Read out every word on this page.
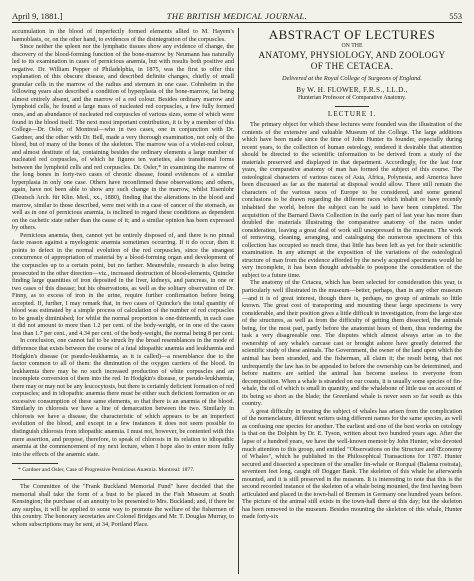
April 9, 1881.]	THE BRITISH MEDICAL JOURNAL.	553

accumulation in the blood of imperfectly formed elements allied to M. Hayem's hæmoblasts, or, on the other hand, to evidences of the disintegration of the corpuscles.

Since neither the spleen nor the lymphatic tissues show any evidence of change, the discovery of the blood-forming function of the bone-marrow by Neumann has naturally led to its examination in cases of pernicious anæmia, but with results both positive and negative. Dr. William Pepper of Philadelphia, in 1875, was the first to offer this explanation of this obscure disease, and described definite changes, chiefly of small granular cells in the marrow of the radius and sternum in one case. Cohnheim in the following years also described a condition of hyperplasia of the bone-marrow, fat being almost entirely absent, and the marrow of a red colour. Besides ordinary marrow and lymphoid cells, he found a large mass of nucleated red corpuscles, a few fully formed ones, and an abundance of nucleated red corpuscles of various sizes, some of which were found in the blood itself. The next most important contribution, it is by a member of this College—Dr. Osler, of Montreal—who in two cases, one in conjunction with Dr. Gardner, and the other with Dr. Bell, made a very thorough examination, not only of the blood, but of many of the bones of the skeleton. The marrow was of a violet-red colour, and almost destitute of fat, containing besides the ordinary elements a large number of nucleated red corpuscles, of which he figures ten varieties, also transitional forms between the lymphoid cells and red corpuscles. Dr. Osler,* in examining the marrow of the long bones in forty-two cases of chronic disease, found evidences of a similar hyperplasia in only one case. Others have reconfirmed these observations; and others, again, have not been able to show any such change in the marrow, whilst Eisenlohr (Deutsch Arch. für Klin. Med., xx., 1880), finding that the alterations in the blood and marrow, similar to those described, were met with in a case of cancer of the stomach, as well as in one of pernicious anæmia, is inclined to regard these conditions as dependent on the cachetic state rather than the cause of it; and a similar opinion has been expressed by others.

Pernicious anæmia, then, cannot yet be entirely disposed of, and there is no pinnal facie reason against a myelogenic anæmia sometimes occurring. If it do occur, then it points to defect in the normal evolution of the red corpuscles, since the strangest concurrence of appropriation of material by a blood-forming organ and development of the corpuscles up to a certain point, but no farther. Meanwhile, research is also being prosecuted in the other direction—viz., increased destruction of blood-elements, Quincke finding large quantities of iron deposited in the liver, kidneys, and pancreas, in one or two cases of this disease; but his observations, as well as the solitary observation of Dr. Finny, as to excess of iron in the urine, require further confirmation before being accepted. If, further, I may remark that, in two cases of Quincke's the total quantity of blood was estimated by a simple process of calculation of the number of red corpuscles to be greatly diminished; for whilst the normal proportion is one-thirteenth, in each case it did not amount to more than 1.2 per cent. of the body-weight, or in one of the cases less than 1.7 per cent., and 4.34 per cent. of the body-weight, the normal being 8 per cent.

In conclusion, one cannot fail to be struck by the broad resemblances in the mode of difference that exists between the course of a fatal idiopathic anæmia and leukhæmia and Hodgkin's disease (or pseudo-leukhæmia, as it is called)—a resemblance due to the factor common to all of them: the diminution of the oxygen carriers of the blood. In leukhæmia there may be no such increased production of white corpuscles and an incomplete conversion of them into the red. In Hodgkin's disease, or pseudo-leukhæmia, there may or may not be any leucocytosis, but there is certainly deficient formation of red corpuscles; and in idiopathic anæmia there must be either such deficient formation or an excessive consumption of these same elements, so that there is an anæmia of the blood. Similarly in chlorosis we have a line of demarcation between the two. Similarly in chlorosis we have a disease, the characteristic of which appears to be an imperfect evolution of the blood, and except in a few instances it does not seem possible to distinguish chlorosis from idiopathic anæmia. I must not, however, be contented with this mere assertion, and propose, therefore, to speak of chlorosis in its relation to idiopathic anæmia at the commencement of my next lecture, when I hope also to enter more fully into the effects of the anæmic state.

* Gardner and Osler, Case of Progressive Pernicious Anæmia. Montreal: 1877.

The Committee of the "Frank Buckland Memorial Fund" have decided that the memorial shall take the form of a bust to be placed in the Fish Museum at South Kensington; the purchase of an annuity to be presented to Mrs. Buckland; and, if there be any surplus, it will be applied to some way to promote the welfare of the fishermen of this country. The honorary secretaries are Colonel Bridges and Mr. T. Douglas Murray, to whom subscriptions may be sent, at 34, Portland Place.

ABSTRACT OF LECTURES
ON THE
ANATOMY, PHYSIOLOGY, AND ZOOLOGY
OF THE CETACEA.
Delivered at the Royal College of Surgeons of England.
By W. H. FLOWER, F.R.S., LL.D.,
Hunterian Professor of Comparative Anatomy.
LECTURE I.

The primary object for which these lectures were founded was the illustration of the contents of the extensive and valuable Museum of the College. The large additions which have been made since the time of John Hunter its founder, especially during recent years, to the collection of human osteology, rendered it desirable that attention should be directed to the scientific information to be derived from a study of the materials preserved and displayed in that department. Accordingly, for the last four years, the comparative anatomy of man has formed the subject of this course. The osteological characters of various races of Asia, Africa, Polynesia, and America have been discussed as far as the material at disposal would allow. There still remain the characters of the various races of Europe to be considered, and some general conclusions to be drawn regarding the different races which inhabit or have recently inhabited the world, before the subject can be said to have been completed. The acquisition of the Barnard Davis Collection in the early part of last year has more than doubled the materials illustrating the comparative anatomy of the races under consideration, leaving a great deal of work still unexpressed in the museum. The work of removing, cleaning, arranging, and cataloguing the numerous specimens of this collection has occupied so much time, that little has been left as yet for their scientific examination. In any attempt at the exposition of the variations of the osteological structure of man from the evidence afforded by the newly acquired specimens would be very incomplete, it has been thought advisable to postpone the consideration of the subject to a future time.

The anatomy of the Cetacea, which has been selected for consideration this year, is particularly well illustrated in the museum—better, perhaps, than in any other museum—and it is of great interest, though there is, perhaps, no group of animals so little known. The great cost of transporting and mounting these large specimens is very considerable, and their position gives a little difficult in investigation, from the large size of the structures, as well as from the difficulty of getting them dissected, the animals being, for the most part, partly before the anatomist hears of them, thus rendering the task a very disagreeable one. The disputes which almost always arise as to the ownership of any whale's carcase cast or brought ashore have greatly deterred the scientific study of these animals. The Government, the owner of the land upon which the animal has been stranded, and the fisherman, all claim it; the result being, that not unfrequently the law has to be appealed to before the ownership can be determined, and before matters are settled the animal has become useless to everyone from decomposition. When a whale is stranded on our coasts, it is usually some species of fin-whale, the oil of which is small in quantity, and the whalebone of little use on account of its being so short as the blade; the Greenland whale is never seen so far south as this country.

A great difficulty in treating the subject of whales has arisen from the complication of the nomenclature, different writers using different names for the same species, as well as confusing one species for another. The earliest and one of the best works on cetology is that on the Dolphin by Dr. E. Tyson, written about two hundred years ago. After the lapse of a hundred years, we have the well-known memoir by John Hunter, who devoted much attention to this group, and entitled "Observations on the Structure and Œconomy of Whales", which he published in the Philosophical Transactions for 1787. Hunter secured and dissected a specimen of the smaller fin-whale or Rorqual (Balæna rostrata), seventeen feet long, caught off Dogger Bank. The skeleton of this whale he afterwards mounted, and it is still preserved in the museum. It is interesting to note that this is the second recorded instance of the skeleton of a whale being mounted, the first having been articulated and placed in the town-hall of Bremen in Germany one hundred years before. The picture of the animal still exists in the town-hall there at this day; but the skeleton has been removed to the museum. Besides mounting the skeleton of this whale, Hunter made forty-six
